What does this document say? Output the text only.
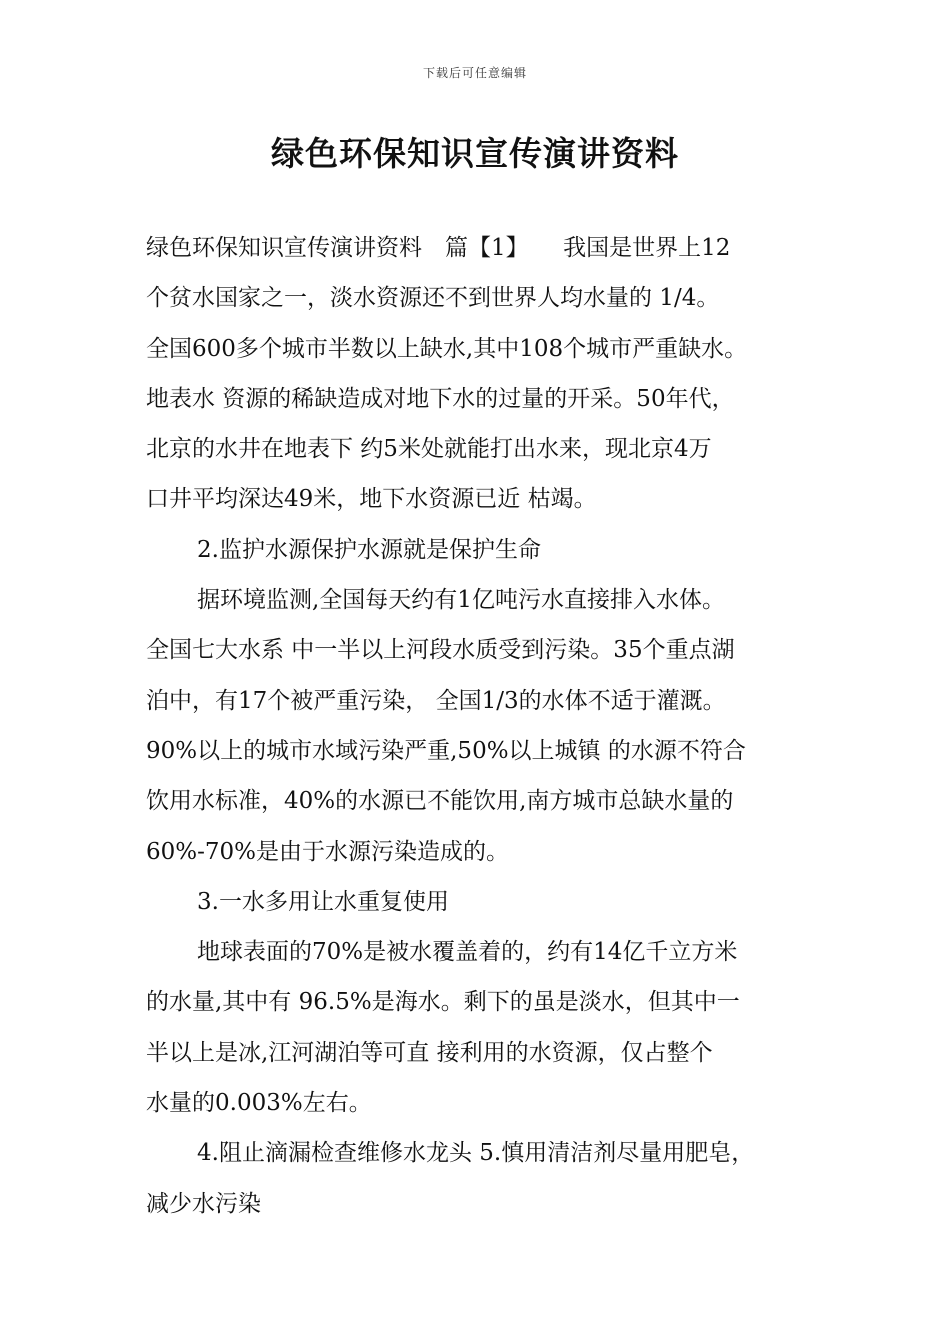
下载后可任意编辑
绿色环保知识宣传演讲资料
绿色环保知识宣传演讲资料　篇【1】　　我国是世界上12
个贫水国家之一，淡水资源还不到世界人均水量的 1/4。
全国600多个城市半数以上缺水,其中108个城市严重缺水。
地表水 资源的稀缺造成对地下水的过量的开采。50年代，
北京的水井在地表下 约5米处就能打出水来，现北京4万
口井平均深达49米，地下水资源已近 枯竭。
2.监护水源保护水源就是保护生命
据环境监测,全国每天约有1亿吨污水直接排入水体。
全国七大水系 中一半以上河段水质受到污染。35个重点湖
泊中，有17个被严重污染， 全国1/3的水体不适于灌溉。
90%以上的城市水域污染严重,50%以上城镇 的水源不符合
饮用水标准，40%的水源已不能饮用,南方城市总缺水量的
60%-70%是由于水源污染造成的。
3.一水多用让水重复使用
地球表面的70%是被水覆盖着的，约有14亿千立方米
的水量,其中有 96.5%是海水。剩下的虽是淡水，但其中一
半以上是冰,江河湖泊等可直 接利用的水资源，仅占整个
水量的0.003%左右。
4.阻止滴漏检查维修水龙头 5.慎用清洁剂尽量用肥皂，
减少水污染
